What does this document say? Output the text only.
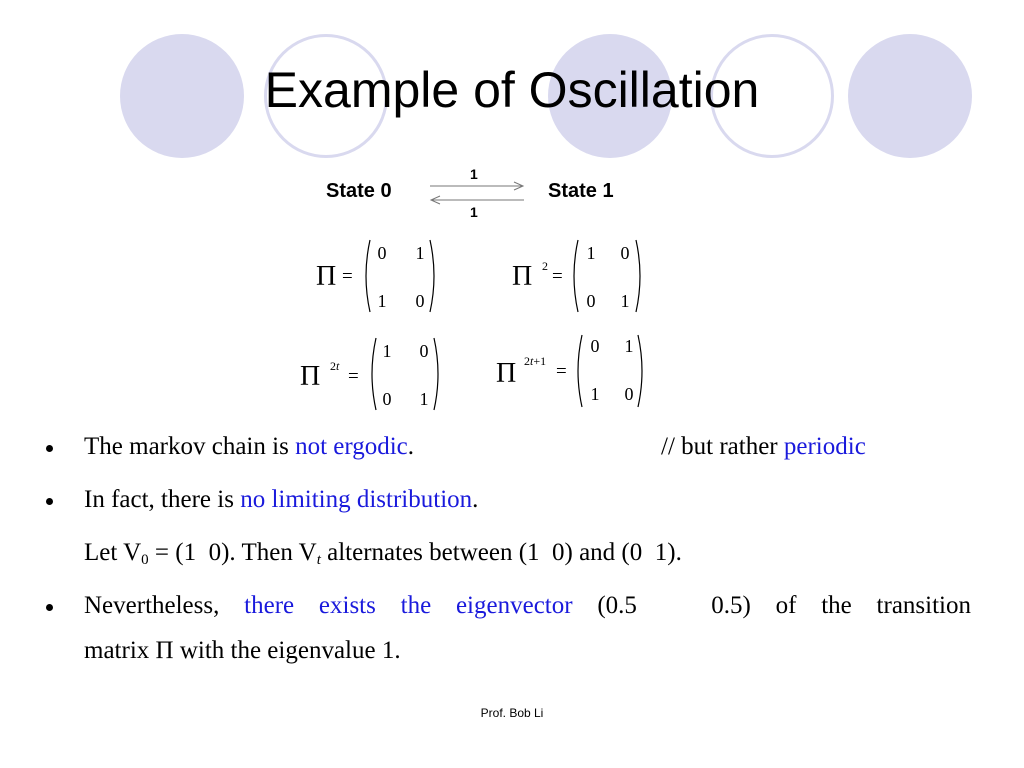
Example of Oscillation
State 0
1
1
State 1
Π =
0 1
1 0
Π 2 =
1 0
0 1
Π 2t =
1 0
0 1
Π 2t+1 =
0 1
1 0
The markov chain is not ergodic.	// but rather periodic
In fact, there is no limiting distribution.
Let $V_0 = (1$  0). Then $V_t$ alternates between (1  0) and (0  1).
Nevertheless, there exists the eigenvector (0.5   0.5) of the transition
matrix Π with the eigenvalue 1.
Prof. Bob Li
